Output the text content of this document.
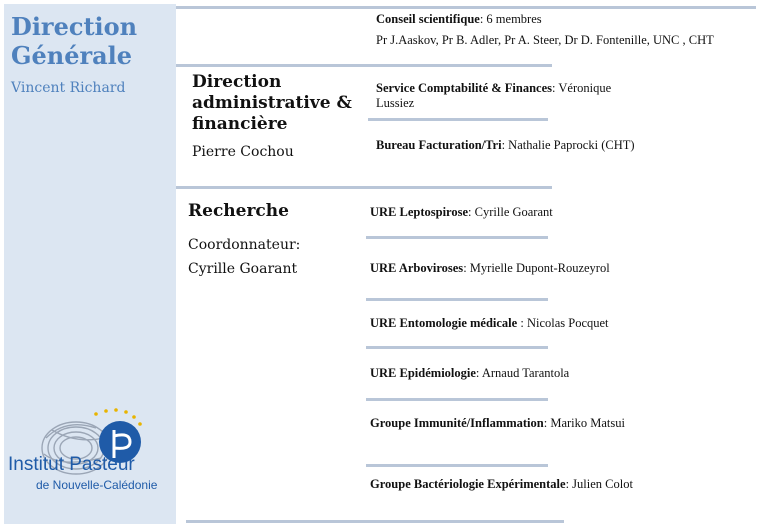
Direction
Générale
Vincent Richard
Conseil scientifique: 6 membres
Pr J.Aaskov, Pr B. Adler, Pr A. Steer, Dr D. Fontenille, UNC , CHT
Direction
administrative &
financière
Pierre Cochou
Service Comptabilité & Finances: Véronique
Lussiez
Bureau Facturation/Tri: Nathalie Paprocki (CHT)
Recherche
Coordonnateur:
Cyrille Goarant
URE Leptospirose: Cyrille Goarant
URE Arboviroses: Myrielle Dupont-Rouzeyrol
URE Entomologie médicale : Nicolas Pocquet
URE Epidémiologie: Arnaud Tarantola
Groupe Immunité/Inflammation: Mariko Matsui
Groupe Bactériologie Expérimentale: Julien Colot
Institut Pasteur
de Nouvelle-Calédonie
